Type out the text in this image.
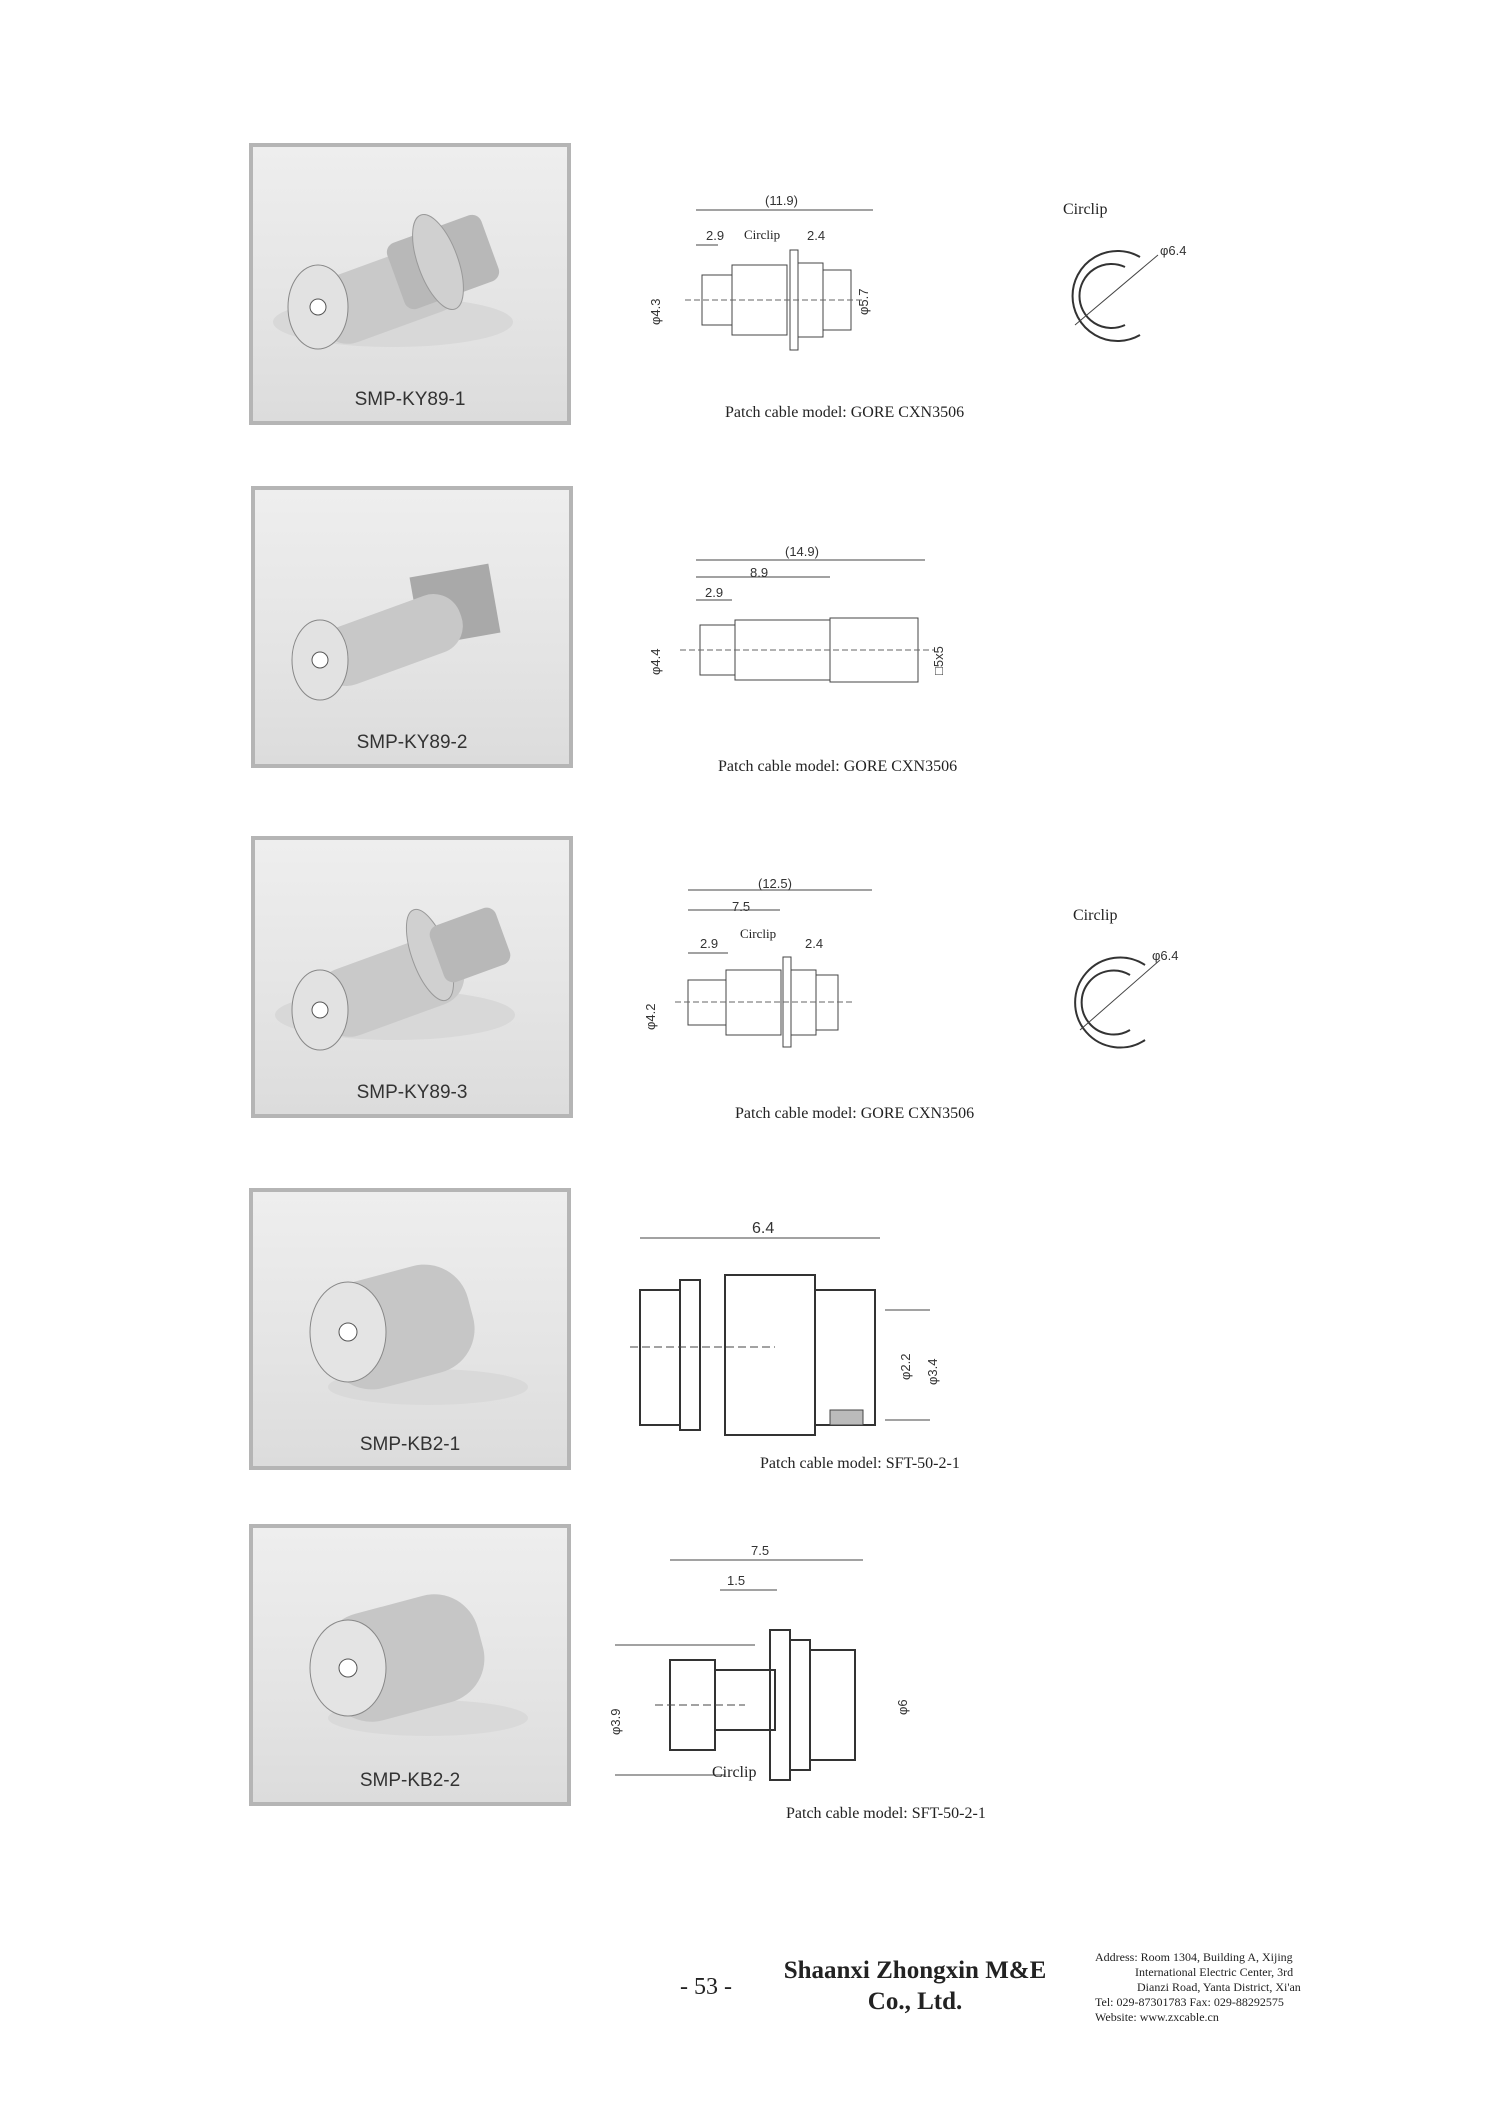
SMP-KY89-1
(11.9)
2.9 Circlip 2.4
φ4.3	φ5.7
Circlip
φ6.4
Patch cable model: GORE CXN3506
SMP-KY89-2
(14.9)
8.9
2.9
φ4.4	□5x5
Patch cable model: GORE CXN3506
SMP-KY89-3
(12.5)
7.5
2.9
Circlip
2.4
φ4.2
Circlip
φ6.4
Patch cable model: GORE CXN3506
SMP-KB2-1
6.4
φ2.2 φ3.4
Patch cable model: SFT-50-2-1
SMP-KB2-2
7.5
1.5
φ3.9
φ6
Circlip
Patch cable model: SFT-50-2-1
- 53 -
Shaanxi Zhongxin M&E
Co., Ltd.
Address: Room 1304, Building A, Xijing
International Electric Center, 3rd
Dianzi Road, Yanta District, Xi'an
Tel: 029-87301783 Fax: 029-88292575
Website: www.zxcable.cn
